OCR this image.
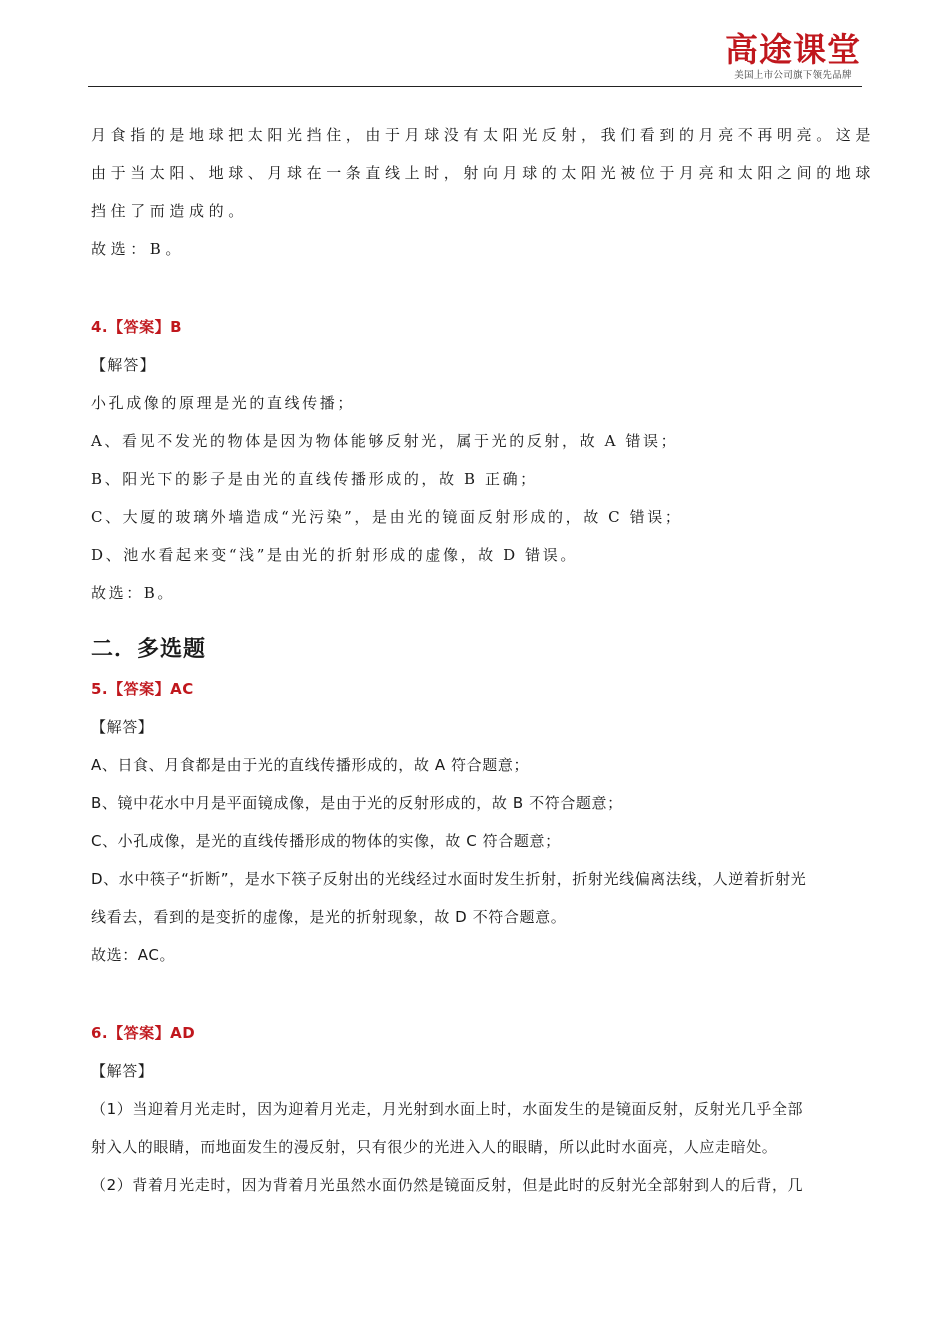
高途课堂
美国上市公司旗下领先品牌

月食指的是地球把太阳光挡住，由于月球没有太阳光反射，我们看到的月亮不再明亮。这是

由于当太阳、地球、月球在一条直线上时，射向月球的太阳光被位于月亮和太阳之间的地球

挡住了而造成的。

故选：B。

4.【答案】B

【解答】

小孔成像的原理是光的直线传播；

A、看见不发光的物体是因为物体能够反射光，属于光的反射，故 A 错误；

B、阳光下的影子是由光的直线传播形成的，故 B 正确；

C、大厦的玻璃外墙造成“光污染”，是由光的镜面反射形成的，故 C 错误；

D、池水看起来变“浅”是由光的折射形成的虚像，故 D 错误。

故选：B。

二．多选题
5.【答案】AC

【解答】

A、日食、月食都是由于光的直线传播形成的，故 A 符合题意；

B、镜中花水中月是平面镜成像，是由于光的反射形成的，故 B 不符合题意；

C、小孔成像，是光的直线传播形成的物体的实像，故 C 符合题意；

D、水中筷子“折断”，是水下筷子反射出的光线经过水面时发生折射，折射光线偏离法线，人逆着折射光

线看去，看到的是变折的虚像，是光的折射现象，故 D 不符合题意。

故选：AC。

6.【答案】AD

【解答】

（1）当迎着月光走时，因为迎着月光走，月光射到水面上时，水面发生的是镜面反射，反射光几乎全部

射入人的眼睛，而地面发生的漫反射，只有很少的光进入人的眼睛，所以此时水面亮，人应走暗处。

（2）背着月光走时，因为背着月光虽然水面仍然是镜面反射，但是此时的反射光全部射到人的后背，几
